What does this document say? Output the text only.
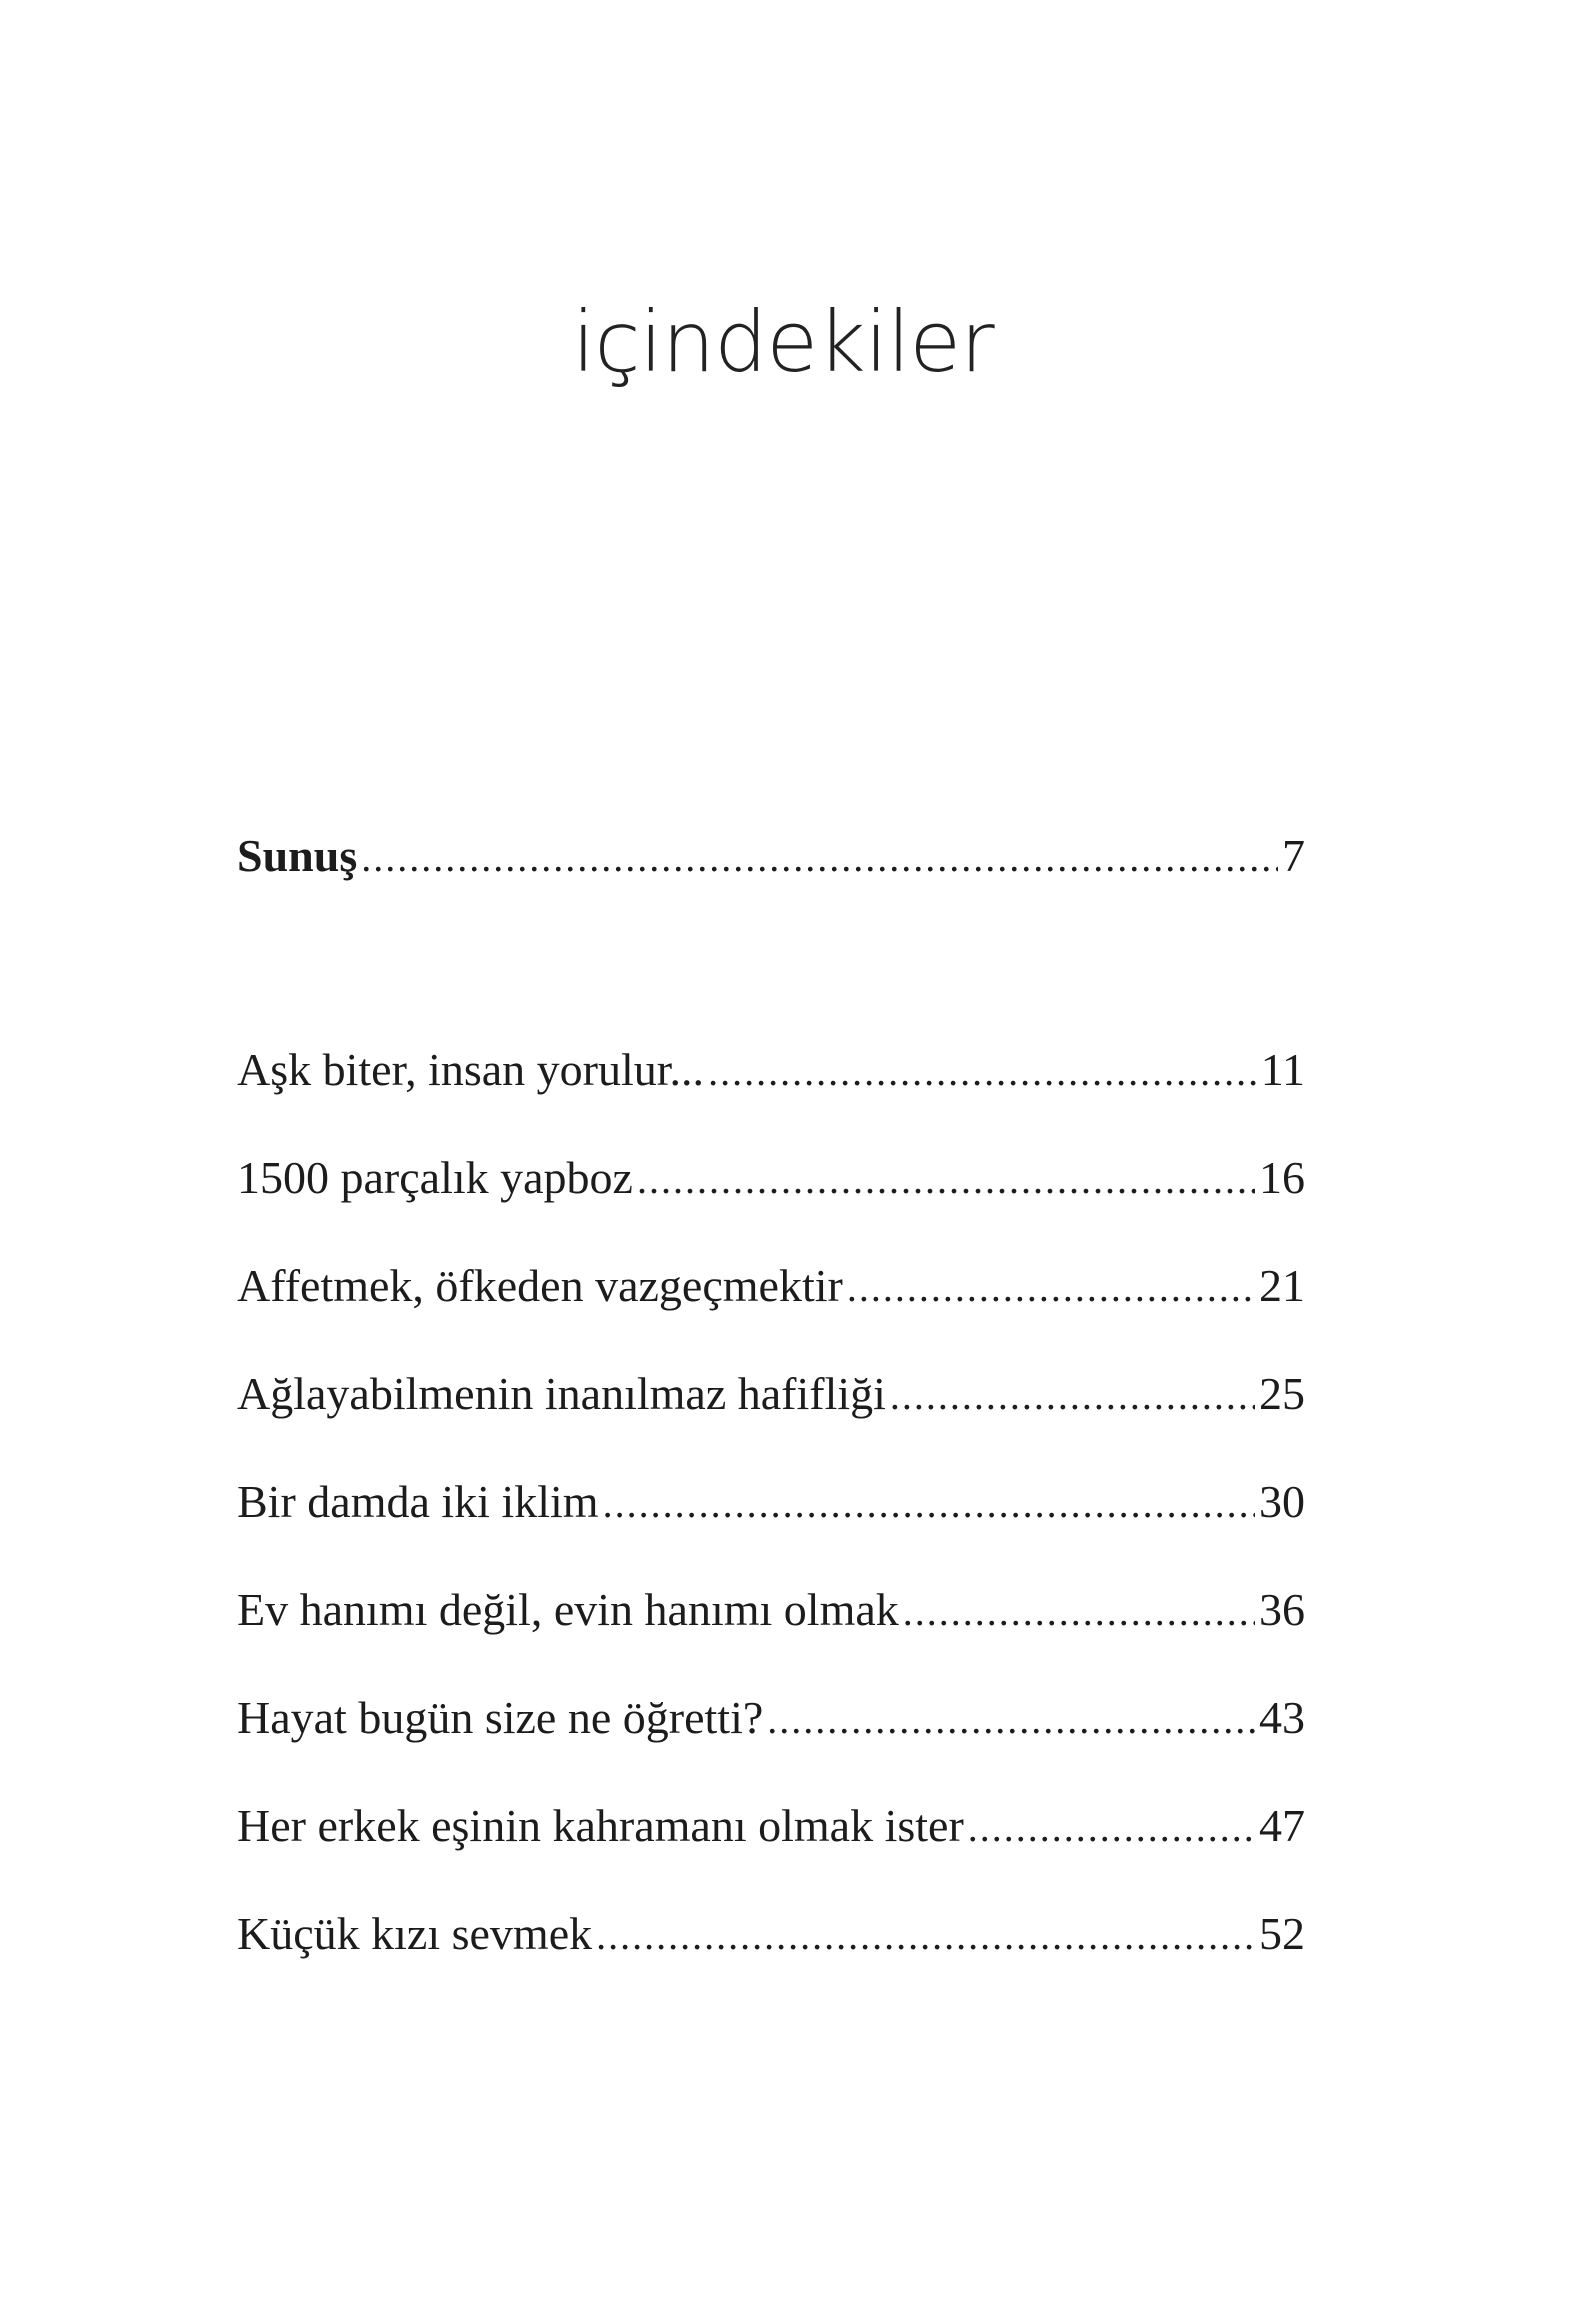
içindekiler
Sunuş .....	7
Aşk biter, insan yorulur... .....	11
1500 parçalık yapboz .....	16
Affetmek, öfkeden vazgeçmektir .....	21
Ağlayabilmenin inanılmaz hafifliği .....	25
Bir damda iki iklim .....	30
Ev hanımı değil, evin hanımı olmak .....	36
Hayat bugün size ne öğretti? .....	43
Her erkek eşinin kahramanı olmak ister .....	47
Küçük kızı sevmek .....	52
